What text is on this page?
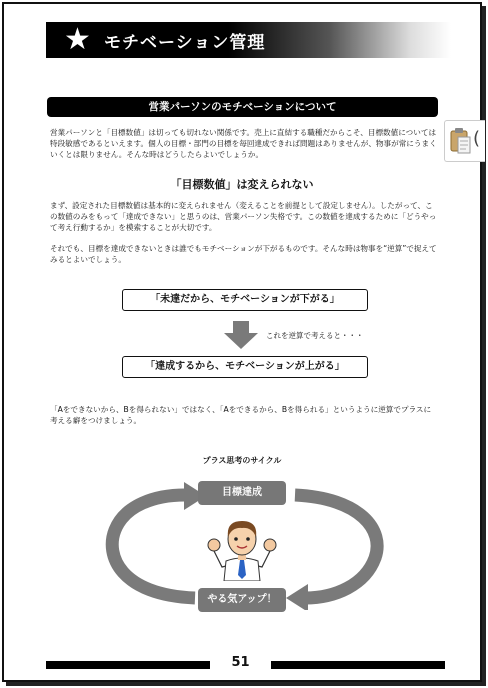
★ モチベーション管理
(
営業パーソンのモチベーションについて
営業パーソンと「目標数値」は切っても切れない関係です。売上に直結する職種だからこそ、目標数値については特段敏感であるといえます。個人の目標・部門の目標を毎回達成できれば問題はありませんが、物事が常にうまくいくとは限りません。そんな時はどうしたらよいでしょうか。
「目標数値」は変えられない
まず、設定された目標数値は基本的に変えられません（変えることを前提として設定しません）。したがって、この数値のみをもって「達成できない」と思うのは、営業パーソン失格です。この数値を達成するために「どうやって考え行動するか」を模索することが大切です。
それでも、目標を達成できないときは誰でもモチベーションが下がるものです。そんな時は物事を“逆算”で捉えてみるとよいでしょう。
「未達だから、モチベーションが下がる」
これを逆算で考えると・・・
「達成するから、モチベーションが上がる」
「Aをできないから、Bを得られない」ではなく、「Aをできるから、Bを得られる」というように逆算でプラスに考える癖をつけましょう。
プラス思考のサイクル
目標達成
やる気アップ！
51
